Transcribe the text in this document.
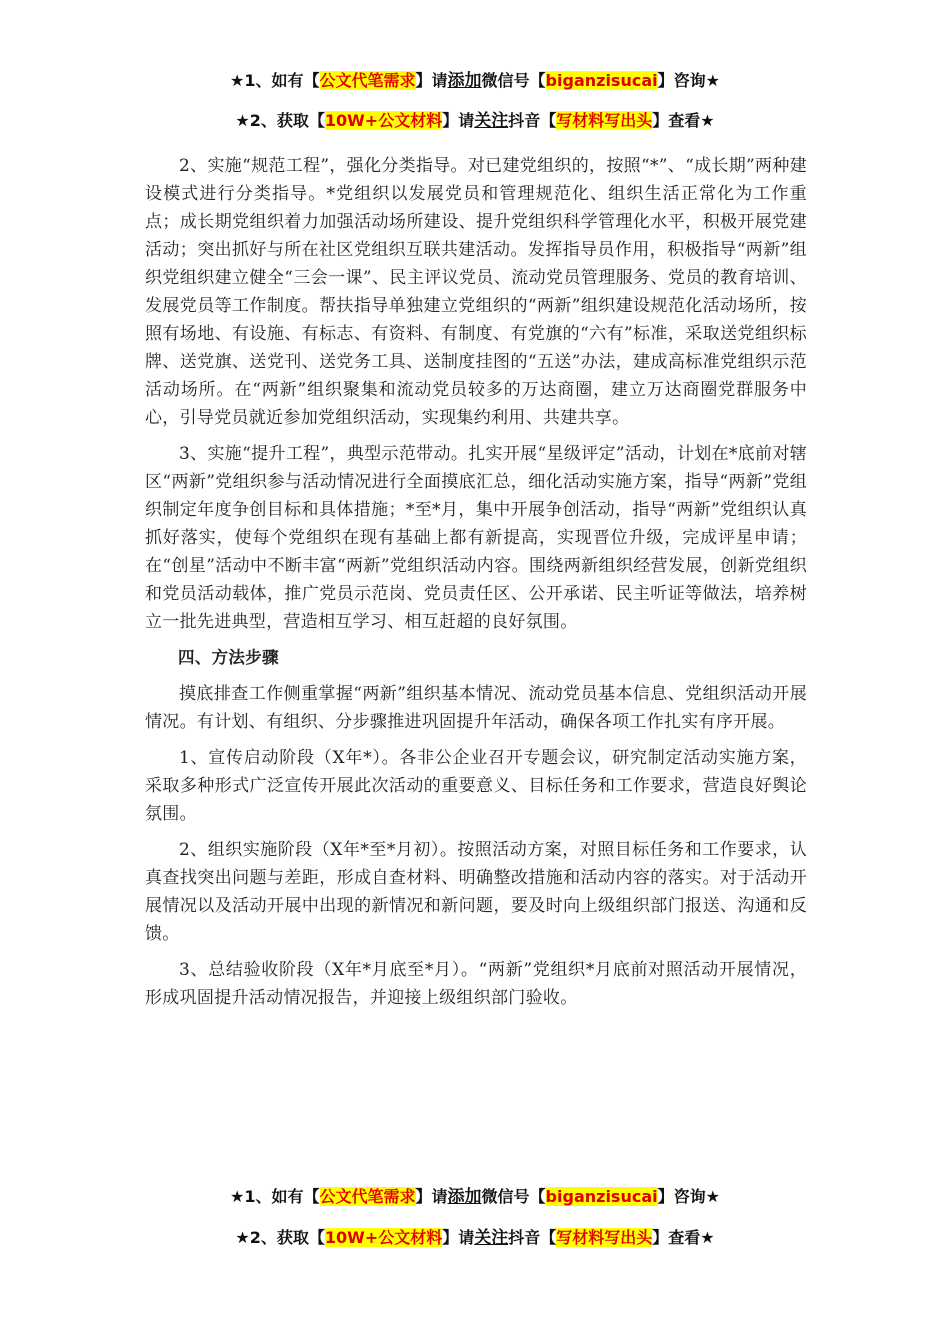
★1、如有【公文代笔需求】请添加微信号【biganzisucai】咨询★
★2、获取【10W+公文材料】请关注抖音【写材料写出头】查看★

2、实施“规范工程”，强化分类指导。对已建党组织的，按照“*”、“成长期”两种建设模式进行分类指导。*党组织以发展党员和管理规范化、组织生活正常化为工作重点；成长期党组织着力加强活动场所建设、提升党组织科学管理化水平，积极开展党建活动；突出抓好与所在社区党组织互联共建活动。发挥指导员作用，积极指导“两新”组织党组织建立健全“三会一课”、民主评议党员、流动党员管理服务、党员的教育培训、发展党员等工作制度。帮扶指导单独建立党组织的“两新”组织建设规范化活动场所，按照有场地、有设施、有标志、有资料、有制度、有党旗的“六有”标准，采取送党组织标牌、送党旗、送党刊、送党务工具、送制度挂图的“五送”办法，建成高标准党组织示范活动场所。在“两新”组织聚集和流动党员较多的万达商圈，建立万达商圈党群服务中心，引导党员就近参加党组织活动，实现集约利用、共建共享。

3、实施“提升工程”，典型示范带动。扎实开展“星级评定”活动，计划在*底前对辖区“两新”党组织参与活动情况进行全面摸底汇总，细化活动实施方案，指导“两新”党组织制定年度争创目标和具体措施；*至*月，集中开展争创活动，指导“两新”党组织认真抓好落实，使每个党组织在现有基础上都有新提高，实现晋位升级，完成评星申请；在“创星”活动中不断丰富“两新”党组织活动内容。围绕两新组织经营发展，创新党组织和党员活动载体，推广党员示范岗、党员责任区、公开承诺、民主听证等做法，培养树立一批先进典型，营造相互学习、相互赶超的良好氛围。

四、方法步骤

摸底排查工作侧重掌握“两新”组织基本情况、流动党员基本信息、党组织活动开展情况。有计划、有组织、分步骤推进巩固提升年活动，确保各项工作扎实有序开展。

1、宣传启动阶段（X年*）。各非公企业召开专题会议，研究制定活动实施方案，采取多种形式广泛宣传开展此次活动的重要意义、目标任务和工作要求，营造良好舆论氛围。

2、组织实施阶段（X年*至*月初）。按照活动方案，对照目标任务和工作要求，认真查找突出问题与差距，形成自查材料、明确整改措施和活动内容的落实。对于活动开展情况以及活动开展中出现的新情况和新问题，要及时向上级组织部门报送、沟通和反馈。

3、总结验收阶段（X年*月底至*月）。“两新”党组织*月底前对照活动开展情况，形成巩固提升活动情况报告，并迎接上级组织部门验收。

★1、如有【公文代笔需求】请添加微信号【biganzisucai】咨询★
★2、获取【10W+公文材料】请关注抖音【写材料写出头】查看★
